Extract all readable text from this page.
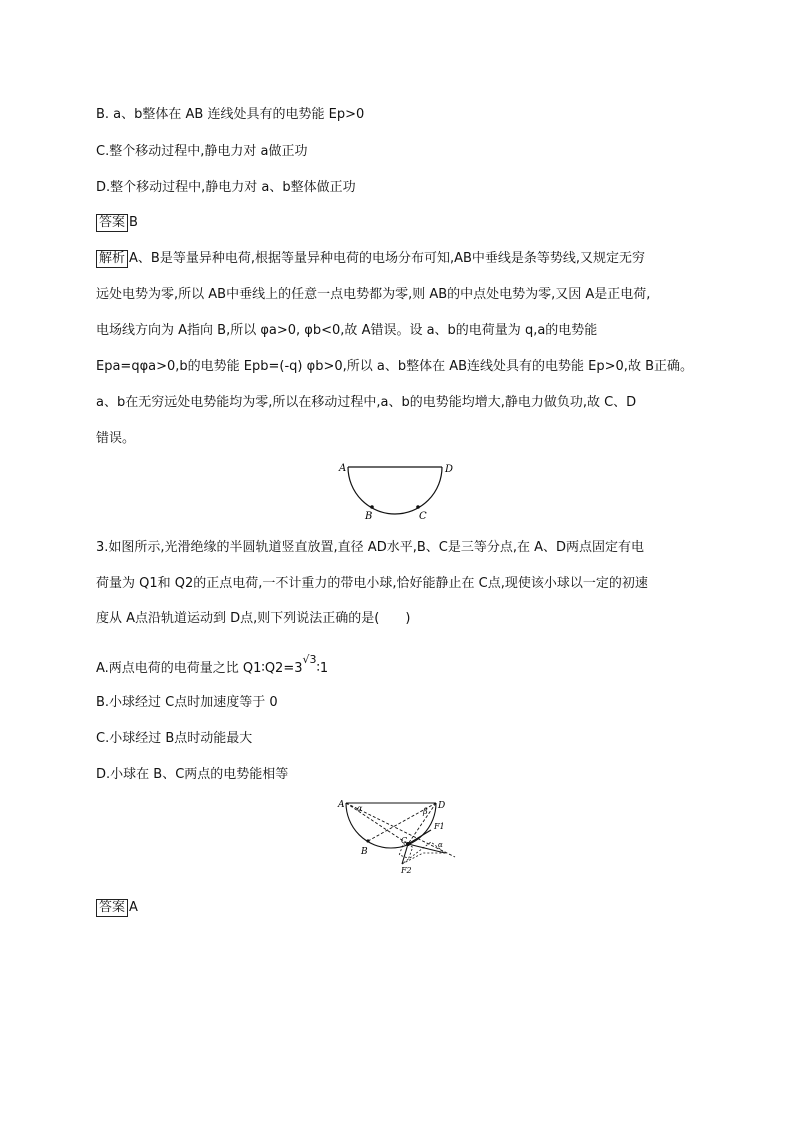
B. a、b整体在 AB 连线处具有的电势能 Ep>0
C.整个移动过程中,静电力对 a做正功
D.整个移动过程中,静电力对 a、b整体做正功
答案 B
解析 A、B是等量异种电荷,根据等量异种电荷的电场分布可知,AB中垂线是条等势线,又规定无穷
远处电势为零,所以 AB中垂线上的任意一点电势都为零,则 AB的中点处电势为零,又因 A是正电荷,
电场线方向为 A指向 B,所以 φa>0, φb<0,故 A错误。设 a、b的电荷量为 q,a的电势能
Epa=qφa>0,b的电势能 Epb=(-q) φb>0,所以 a、b整体在 AB连线处具有的电势能 Ep>0,故 B正确。
a、b在无穷远处电势能均为零,所以在移动过程中,a、b的电势能均增大,静电力做负功,故 C、D
错误。
A	D
B	C
3.如图所示,光滑绝缘的半圆轨道竖直放置,直径 AD水平,B、C是三等分点,在 A、D两点固定有电
荷量为 Q1和 Q2的正点电荷,一不计重力的带电小球,恰好能静止在 C点,现使该小球以一定的初速
度从 A点沿轨道运动到 D点,则下列说法正确的是(　　)
A.两点电荷的电荷量之比 $Q1∶Q2=3^{√3}∶1$
B.小球经过 C点时加速度等于 0
C.小球经过 B点时动能最大
D.小球在 B、C两点的电势能相等
A	D
B
C
α	β
F1
F2
α
答案 A
